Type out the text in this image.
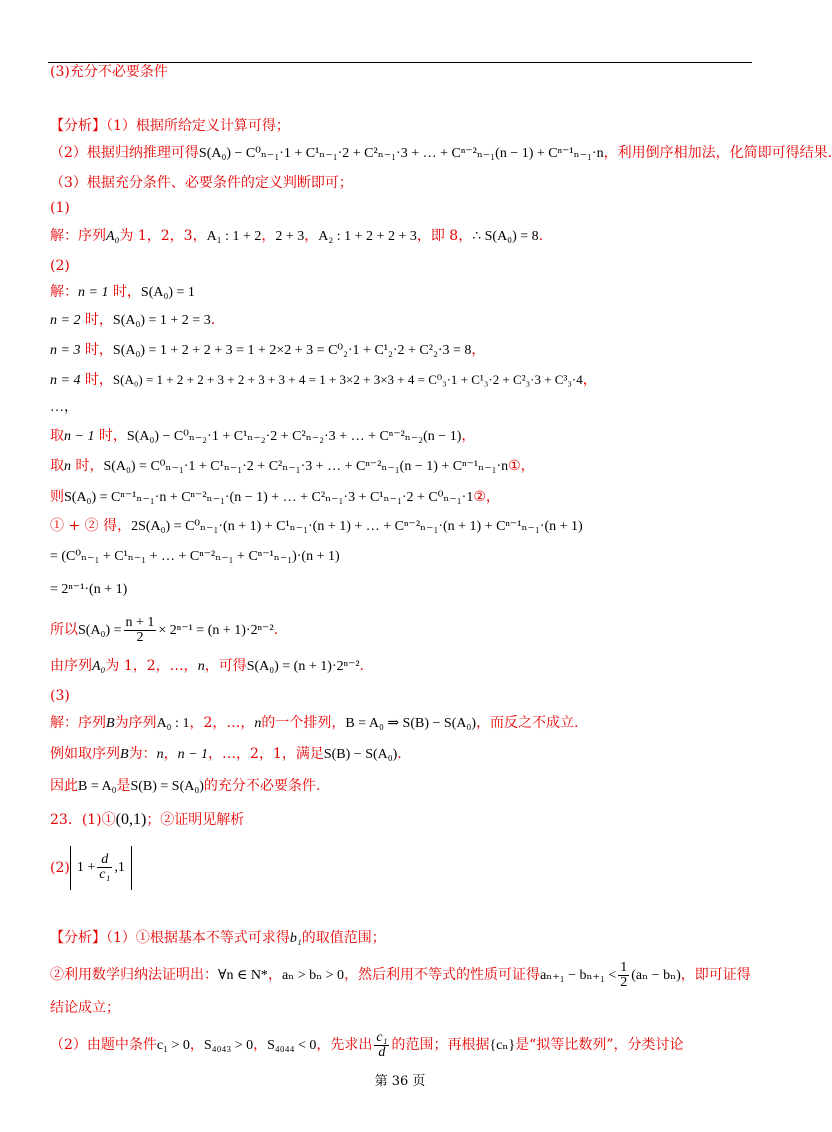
(3)充分不必要条件
【分析】（1）根据所给定义计算可得；
（2）根据归纳推理可得S(A₀) − C⁰ₙ₋₁·1 + C¹ₙ₋₁·2 + C²ₙ₋₁·3 + … + Cⁿ⁻²ₙ₋₁(n − 1) + Cⁿ⁻¹ₙ₋₁·n，利用倒序相加法，化简即可得结果.
（3）根据充分条件、必要条件的定义判断即可；
(1)
解：序列A₀为 1，2，3，A₁ : 1 + 2，2 + 3，A₂ : 1 + 2 + 2 + 3，即 8，∴ S(A₀) = 8.
(2)
解：n = 1 时，S(A₀) = 1
n = 2 时，S(A₀) = 1 + 2 = 3.
n = 3 时，S(A₀) = 1 + 2 + 2 + 3 = 1 + 2×2 + 3 = C⁰₂·1 + C¹₂·2 + C²₂·3 = 8，
n = 4 时，S(A₀) = 1 + 2 + 2 + 3 + 2 + 3 + 3 + 4 = 1 + 3×2 + 3×3 + 4 = C⁰₃·1 + C¹₃·2 + C²₃·3 + C³₃·4，
…，
取n − 1 时，S(A₀) − C⁰ₙ₋₂·1 + C¹ₙ₋₂·2 + C²ₙ₋₂·3 + … + Cⁿ⁻²ₙ₋₂(n − 1)，
取n 时，S(A₀) = C⁰ₙ₋₁·1 + C¹ₙ₋₁·2 + C²ₙ₋₁·3 + … + Cⁿ⁻²ₙ₋₁(n − 1) + Cⁿ⁻¹ₙ₋₁·n①，
则S(A₀) = Cⁿ⁻¹ₙ₋₁·n + Cⁿ⁻²ₙ₋₁·(n − 1) + … + C²ₙ₋₁·3 + C¹ₙ₋₁·2 + C⁰ₙ₋₁·1②，
① + ② 得，2S(A₀) = C⁰ₙ₋₁·(n + 1) + C¹ₙ₋₁·(n + 1) + … + Cⁿ⁻²ₙ₋₁·(n + 1) + Cⁿ⁻¹ₙ₋₁·(n + 1)
= (C⁰ₙ₋₁ + C¹ₙ₋₁ + … + Cⁿ⁻²ₙ₋₁ + Cⁿ⁻¹ₙ₋₁)·(n + 1)
= 2ⁿ⁻¹·(n + 1)
所以$S(A_0) = \frac{n + 1}{2} \times 2^{n-1} = (n + 1)\cdot 2^{n-2}$.
由序列A₀为 1，2，…，n，可得S(A₀) = (n + 1)·2ⁿ⁻².
(3)
解：序列B为序列A₀ : 1，2，…，n的一个排列，B = A₀ ⇒ S(B) − S(A₀)，而反之不成立.
例如取序列B为：n，n − 1，…，2，1，满足S(B) − S(A₀).
因此B = A₀是S(B) = S(A₀)的充分不必要条件.
23．(1)①(0,1)；②证明见解析
(2) $1 + \frac{d}{\text{c₁}} ,1$
【分析】（1）①根据基本不等式可求得b₁的取值范围；
②利用数学归纳法证明出：∀n ∈ N*，aₙ > bₙ > 0，然后利用不等式的性质可证得$a_{n+1} - b_{n+1} < \frac{1}{2} (a_n - b_n)$，即可证得
结论成立；
（2）由题中条件c₁ > 0，S₄₀₄₃ > 0，S₄₀₄₄ < 0，先求出 $\frac{\text{c₁}}{d}$ 的范围；再根据{cₙ}是“拟等比数列”，分类讨论
第 36 页
